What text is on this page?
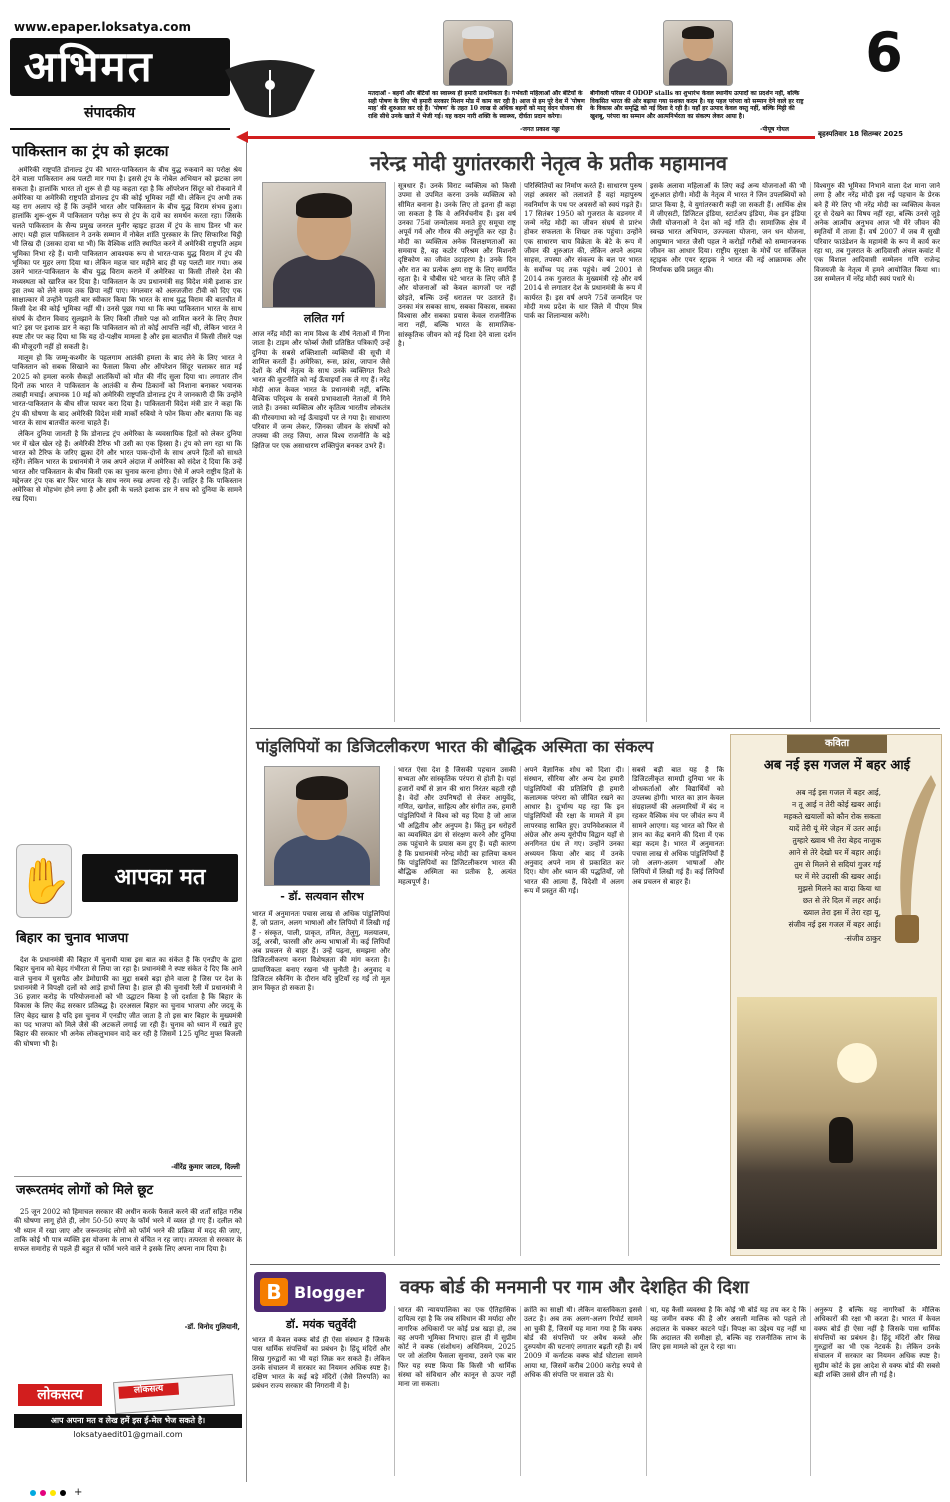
www.epaper.loksatya.com
अभिमत
संपादकीय
मतदाओं - बहनों और बेटियों का स्वास्थ्य ही हमारी प्राथमिकता है। गर्भवती महिलाओं और बेटियों के सही पोषण के लिए भी हमारी सरकार मिशन मोड में काम कर रही है। आज से हम पूरे देश में 'पोषण माह' की शुरुआत कर रहे हैं। 'पोषण' के तहत 10 लाख से अधिक बहनों को मातृ वंदन योजना की राशि सीधे उनके खाते में भेजी गई। यह कदम नारी शक्ति के स्वास्थ्य, दीर्घता प्रदान करेगा।
-जगत प्रकाश नड्डा
बीगीवली परिसर में ODOP stalls का शुभारंभ केवल स्थानीय उत्पादों का प्रदर्शन नहीं, बल्कि विकसित भारत की ओर बढ़ाया गया सशक्त कदम है। यह पहल परंपरा को सम्मान देने वाले हर राष्ट्र के विकास और समृद्धि को नई दिशा दे रही है। यहाँ हर उत्पाद केवल वस्तु नहीं, बल्कि मिट्टी की खुशबू, परंपरा का सम्मान और आत्मनिर्भरता का संकल्प लेकर आया है।
-पीयूष गोयल
6
बृहस्पतिवार 18 सितम्बर 2025
पाकिस्तान का ट्रंप को झटका

अमेरिकी राष्ट्रपति डोनाल्ड ट्रंप की भारत-पाकिस्तान के बीच युद्ध रुकवाने का परोक्ष श्रेय देने वाला पाकिस्तान अब पलटी मार गया है। इससे ट्रंप के नोबेल अभियान को झटका लग सकता है। हालांकि भारत तो शुरू से ही यह कहता रहा है कि ऑपरेशन सिंदूर को रोकवाने में अमेरिका या अमेरिकी राष्ट्रपति डोनाल्ड ट्रंप की कोई भूमिका नहीं थी। लेकिन ट्रंप अभी तक यह राग अलाप रहे हैं कि उन्होंने भारत और पाकिस्तान के बीच युद्ध विराम संभव हुआ। हालांकि शुरू-शुरू में पाकिस्तान परोक्ष रूप से ट्रंप के दावे का समर्थन करता रहा। जिसके चलते पाकिस्तान के सैन्य प्रमुख जनरल मुनीर व्हाइट हाउस में ट्रंप के साथ डिनर भी कर आए। यही हाल पाकिस्तान ने उनके सम्मान में नोबेल शांति पुरस्कार के लिए सिफारिश चिट्ठी भी लिख दी (उसका दावा था भी) कि वैश्विक शांति स्थापित करने में अमेरिकी राष्ट्रपति अहम भूमिका निभा रहे हैं। यानी पाकिस्तान आवश्यक रूप से भारत-पाक युद्ध विराम में ट्रंप की भूमिका पर मुहर लगा दिया था। लेकिन महज चार महीने बाद ही यह पलटी मार गया। अब उसने भारत-पाकिस्तान के बीच युद्ध विराम कराने में अमेरिका या किसी तीसरे देश की मध्यस्थता को खारिज कर दिया है। पाकिस्तान के उप प्रधानमंत्री सह विदेश मंत्री इशाक डार इस तथ्य को लेने समय तक छिपा नहीं पाए। मंगलवार को अलजजीरा टीवी को दिए एक साक्षात्कार में उन्होंने पहली बार स्वीकार किया कि भारत के साथ युद्ध विराम की बातचीत में किसी देश की कोई भूमिका नहीं थी। उनसे पूछा गया था कि क्या पाकिस्तान भारत के साथ संघर्ष के दौरान विवाद सुलझाने के लिए किसी तीसरे पक्ष को शामिल करने के लिए तैयार था? इस पर इशाक डार ने कहा कि पाकिस्तान को तो कोई आपत्ति नहीं थी, लेकिन भारत ने स्पष्ट तौर पर कह दिया था कि यह दो-पक्षीय मामला है और इस बातचीत में किसी तीसरे पक्ष की मौजूदगी नहीं हो सकती है।

मालूम हो कि जम्मू-कश्मीर के पहलगाम आतंकी हमला के बाद लेने के लिए भारत ने पाकिस्तान को सबक सिखाने का फैसला किया और ऑपरेशन सिंदूर चलाकर सात मई 2025 को हमला करके सैकड़ों आतंकियों को मौत की नींद सुला दिया था। लगातार तीन दिनों तक भारत ने पाकिस्तान के आतंकी व सैन्य ठिकानों को निशाना बनाकर भयानक तबाही मचाई। अचानक 10 मई को अमेरिकी राष्ट्रपति डोनाल्ड ट्रंप ने जानकारी दी कि उन्होंने भारत-पाकिस्तान के बीच सीज फायर करा दिया है। पाकिस्तानी विदेश मंत्री डार ने कहा कि ट्रंप की घोषणा के बाद अमेरिकी विदेश मंत्री मार्को रुबियो ने फोन किया और बताया कि वह भारत के साथ बातचीत करना चाहते हैं।

लेकिन दुनिया जानती है कि डोनाल्ड ट्रंप अमेरिका के व्यवसायिक हितों को लेकर दुनिया भर में खेल खेल रहे हैं। अमेरिकी टैरिफ भी उसी का एक हिस्सा है। ट्रंप को लग रहा था कि भारत को टैरिफ के जरिए झुका देंगे और भारत पाक-दोनों के साथ अपने हितों को साधते रहेंगे। लेकिन भारत के प्रधानमंत्री ने जब अपने अंदाज में अमेरिका को संदेश दे दिया कि उन्हें भारत और पाकिस्तान के बीच किसी एक का चुनाव करना होगा। ऐसे में अपने राष्ट्रीय हितों के मद्देनजर ट्रंप एक बार फिर भारत के साथ नरम रुख अपना रहे हैं। जाहिर है कि पाकिस्तान अमेरिका से मोहभंग होने लगा है और इसी के चलते इशाक डार ने सच को दुनिया के सामने रख दिया।

✋	आपका मत
बिहार का चुनाव भाजपा
देश के प्रधानमंत्री की बिहार में चुनावी यात्रा इस बात का संकेत है कि एनडीए के द्वारा बिहार चुनाव को बेहद गंभीरता से लिया जा रहा है। प्रधानमंत्री ने स्पष्ट संकेत दे दिए कि आने वाले चुनाव में घुसपैठ और डेमोग्राफी का मुद्दा सबसे बड़ा होने वाला है जिस पर देश के प्रधानमंत्री ने विपक्षी दलों को आड़े हाथों लिया है। हाल ही की चुनावी रैली में प्रधानमंत्री ने 36 हजार करोड़ के परियोजनाओं को भी उद्घाटन किया है जो दर्शाता है कि बिहार के विकास के लिए केंद्र सरकार प्रतिबद्ध है। दरअसल बिहार का चुनाव भाजपा और जदयू के लिए बेहद खास है यदि इस चुनाव में एनडीए जीत जाता है तो इस बार बिहार के मुख्यमंत्री का पद भाजपा को मिले जैसे की अटकलें लगाई जा रही हैं। चुनाव को ध्यान में रखते हुए बिहार की सरकार भी अनेक लोकलुभावन वादे कर रही है जिसमें 125 यूनिट मुफ्त बिजली की घोषणा भी है।
-वीरेंद्र कुमार जाटव, दिल्ली
जरूरतमंद लोगों को मिले छूट
25 जून 2002 को हिमाचल सरकार की अधीन करके फैसले करने की शर्तों सहित गरीब की घोषणा लागू होते ही, लोग 50-50 रुपए के फॉर्म भरने में व्यस्त हो गए हैं। दलील को भी ध्यान में रखा जाए और जरूरतमंद लोगों को फॉर्म भरने की प्रक्रिया में मदद की जाए, ताकि कोई भी पात्र व्यक्ति इस योजना के लाभ से वंचित न रह जाए। तत्परता से सरकार के सफल समारोह से पहले ही बहुत से फॉर्म भरने वाले ने इसके लिए अपना नाम दिया है।
-डॉ. विनोद गुलियानी,
लोकसत्य	लोकसत्य
आप अपना मत व लेख हमें इस ई-मेल भेज सकते है।
loksatyaedit01@gmail.com
नरेन्द्र मोदी युगांतरकारी नेतृत्व के प्रतीक महामानव
ललित गर्ग
आज नरेंद्र मोदी का नाम विश्व के शीर्ष नेताओं में गिना जाता है। टाइम और फोर्ब्स जैसी प्रतिष्ठित पत्रिकाएँ उन्हें दुनिया के सबसे शक्तिशाली व्यक्तियों की सूची में शामिल करती हैं। अमेरिका, रूस, फ्रांस, जापान जैसे देशों के शीर्ष नेतृत्व के साथ उनके व्यक्तिगत रिश्ते भारत की कूटनीति को नई ऊँचाइयाँ तक ले गए हैं। नरेंद्र मोदी आज केवल भारत के प्रधानमंत्री नहीं, बल्कि वैश्विक परिदृश्य के सबसे प्रभावशाली नेताओं में गिने जाते हैं। उनका व्यक्तित्व और कृतित्व भारतीय लोकतंत्र की गौरवगाथा को नई ऊँचाइयों पर ले गया है। साधारण परिवार में जन्म लेकर, जिनका जीवन के संघर्षों को तपस्या की तरह जिया, आज विश्व राजनीति के बड़े क्षितिज पर एक असाधारण शक्तिपुंज बनकर उभरे हैं।
सूत्रधार हैं। उनके विराट व्यक्तित्व को किसी उपमा से उपमित करना उनके व्यक्तित्व को सीमित बनाना है। उनके लिए तो इतना ही कहा जा सकता है कि वे अनिर्वचनीय हैं। इस वर्ष उनका 75वां जन्मोत्सव मनाते हुए समूचा राष्ट्र अपूर्व गर्व और गौरव की अनुभूति कर रहा है। मोदी का व्यक्तित्व अनेक विलक्षणताओं का समवाय है, वह कठोर परिश्रम और मिशनरी दृष्टिकोण का जीवंत उदाहरण है। उनके दिन और रात का प्रत्येक क्षण राष्ट्र के लिए समर्पित रहता है। वे चौबीस घंटे भारत के लिए जीते हैं और योजनाओं को केवल कागजों पर नहीं छोड़ते, बल्कि उन्हें धरातल पर उतारते हैं। उनका मंत्र सबका साथ, सबका विकास, सबका विश्वास और सबका प्रयास केवल राजनीतिक नारा नहीं, बल्कि भारत के सामाजिक-सांस्कृतिक जीवन को नई दिशा देने वाला दर्शन है।
परिस्थितियों का निर्माण करते हैं। साधारण पुरुष जहां अवसर को तलाशते हैं वहां महापुरुष नवनिर्माण के पथ पर अवसरों को स्वयं गढ़ते हैं। 17 सितंबर 1950 को गुजरात के वडनगर में जन्मे नरेंद्र मोदी का जीवन संघर्ष से प्रारंभ होकर सफलता के शिखर तक पहुंचा। उन्होंने एक साधारण चाय विक्रेता के बेटे के रूप में जीवन की शुरुआत की, लेकिन अपने अदम्य साहस, तपस्या और संकल्प के बल पर भारत के सर्वोच्च पद तक पहुंचे। वर्ष 2001 से 2014 तक गुजरात के मुख्यमंत्री रहे और वर्ष 2014 से लगातार देश के प्रधानमंत्री के रूप में कार्यरत हैं। इस वर्ष अपने 75वें जन्मदिन पर मोदी मध्य प्रदेश के धार जिले में पीएम मित्र पार्क का शिलान्यास करेंगे।
इसके अलावा महिलाओं के लिए कई अन्य योजनाओं की भी शुरुआत होगी। मोदी के नेतृत्व में भारत ने जिन उपलब्धियों को प्राप्त किया है, वे युगांतरकारी कही जा सकती हैं। आर्थिक क्षेत्र में जीएसटी, डिजिटल इंडिया, स्टार्टअप इंडिया, मेक इन इंडिया जैसी योजनाओं ने देश को नई गति दी। सामाजिक क्षेत्र में स्वच्छ भारत अभियान, उज्ज्वला योजना, जन धन योजना, आयुष्मान भारत जैसी पहल ने करोड़ों गरीबों को सम्मानजनक जीवन का आधार दिया। राष्ट्रीय सुरक्षा के मोर्चे पर सर्जिकल स्ट्राइक और एयर स्ट्राइक ने भारत की नई आक्रामक और निर्णायक छवि प्रस्तुत की।
विश्वगुरु की भूमिका निभाने वाला देश माना जाने लगा है और नरेंद्र मोदी इस नई पहचान के प्रेरक बने हैं मेरे लिए भी नरेंद्र मोदी का व्यक्तित्व केवल दूर से देखने का विषय नहीं रहा, बल्कि उनसे जुड़े अनेक आत्मीय अनुभव आज भी मेरे जीवन की स्मृतियों में ताजा हैं। वर्ष 2007 में जब मैं सुखी परिवार फाउंडेशन के महामंत्री के रूप में कार्य कर रहा था, तब गुजरात के आदिवासी अंचल कवांट में एक विशाल आदिवासी सम्मेलन गणि राजेन्द्र विजयजी के नेतृत्व में हमने आयोजित किया था। उस सम्मेलन में नरेंद्र मोदी स्वयं पधारे थे।
पांडुलिपियों का डिजिटलीकरण भारत की बौद्धिक अस्मिता का संकल्प
- डॉ. सत्यवान सौरभ
भारत में अनुमानतः पचास लाख से अधिक पांडुलिपियां हैं, जो प्रतान, अलग भाषाओं और लिपियों में लिखी गई हैं - संस्कृत, पाली, प्राकृत, तमिल, तेलुगु, मलयालम, उर्दू, अरबी, फारसी और अन्य भाषाओं में। कई लिपियाँ अब प्रचलन से बाहर हैं। उन्हें पढ़ना, समझना और डिजिटलीकरण करना विशेषज्ञता की मांग करता है। प्रामाणिकता बनाए रखना भी चुनौती है। अनुवाद व डिजिटल स्कैनिंग के दौरान यदि त्रुटियाँ रह गईं तो मूल ज्ञान विकृत हो सकता है।
भारत ऐसा देश है जिसकी पहचान उसकी सभ्यता और सांस्कृतिक परंपरा से होती है। यहां हजारों वर्षों से ज्ञान की धारा निरंतर बहती रही है। वेदों और उपनिषदों से लेकर आयुर्वेद, गणित, खगोल, साहित्य और संगीत तक, हमारी पांडुलिपियों ने विश्व को यह दिया है जो आज भी अद्वितीय और अनुपम है। किंतु इन धरोहरों का व्यवस्थित ढंग से संरक्षण करने और दुनिया तक पहुंचाने के प्रयास कम हुए हैं। यही कारण है कि प्रधानमंत्री नरेन्द्र मोदी का हालिया कथन कि पांडुलिपियों का डिजिटलीकरण भारत की बौद्धिक अस्मिता का प्रतीक है, अत्यंत महत्वपूर्ण है।
अपने वैज्ञानिक शोध को दिशा दी। संस्थान, सीरिया और अन्य देश हमारी पांडुलिपियों की प्रतिलिपि ही हमारी कलात्मक परंपरा को जीवित रखने का आधार है। दुर्भाग्य यह रहा कि इन पांडुलिपियों की रक्षा के मामले में हम लापरवाह साबित हुए। उपनिवेशकाल में अंग्रेज और अन्य यूरोपीय विद्वान यहाँ से अनगिनत ग्रंथ ले गए। उन्होंने उनका अध्ययन किया और बाद में उनके अनुवाद अपने नाम से प्रकाशित कर दिए। योग और ध्यान की पद्धतियाँ, जो भारत की आत्मा हैं, विदेशी में अलग रूप में प्रस्तुत की गईं।
सबसे बड़ी बात यह है कि डिजिटलीकृत सामग्री दुनिया भर के शोधकर्ताओं और विद्यार्थियों को उपलब्ध होगी। भारत का ज्ञान केवल संग्रहालयों की अलमारियों में बंद न रहकर वैश्विक मंच पर जीवंत रूप में सामने आएगा। यह भारत को फिर से ज्ञान का केंद्र बनाने की दिशा में एक बड़ा कदम है। भारत में अनुमानतः पचास लाख से अधिक पांडुलिपियाँ हैं जो अलग-अलग भाषाओं और लिपियों में लिखी गई हैं। कई लिपियाँ अब प्रचलन से बाहर हैं।
कविता
अब नई इस गजल में बहर आई
अब नई इस गजल में बहर आई,
न तू आई न तेरी कोई खबर आई।
महकते खयालों को कौन रोक सकता
यादें तेरी यूं मेरे जेहन में उतर आई।
तुम्हारे ख्वाब भी तेरा बेहद नाजुक
आने से तेरे देखो घर में बहार आई।
तुम से मिलने से सदियां गुजर गई
घर में मेरे उदासी की खबर आई।
मुझसे मिलने का वादा किया था
छत से तेरे दिल में लहर आई।
ख्याल तेरा इस में तेरा रहा यू,
संजीव नई इस गजल में बहर आई।
-संजीव ठाकुर
B Blogger वक्फ बोर्ड की मनमानी पर गाम और देशहित की दिशा
डॉ. मयंक चतुर्वेदी
भारत में केवल वक्फ बोर्ड ही ऐसा संस्थान है जिसके पास धार्मिक संपत्तियों का प्रबंधन है। हिंदू मंदिरों और सिख गुरुद्वारों का भी यहां जिक्र कर सकते हैं। लेकिन उनके संचालन में सरकार का नियमन अधिक स्पष्ट है। दक्षिण भारत के कई बड़े मंदिरों (जैसे तिरुपति) का प्रबंधन राज्य सरकार की निगरानी में है।
भारत की न्यायपालिका का एक ऐतिहासिक दायित्व रहा है कि जब संविधान की मर्यादा और नागरिक अधिकारों पर कोई प्रश्न खड़ा हो, तब वह अपनी भूमिका निभाए। हाल ही में सुप्रीम कोर्ट ने वक्फ (संशोधन) अधिनियम, 2025 पर जो अंतरिम फैसला सुनाया, उसने एक बार फिर यह स्पष्ट किया कि किसी भी धार्मिक संस्था को संविधान और कानून से ऊपर नहीं माना जा सकता।
क्रांति का साक्षी थी। लेकिन वास्तविकता इससे उलट है। अब तक अलग-अलग रिपोर्ट सामने आ चुकी हैं, जिसमें यह माना गया है कि वक्फ बोर्ड की संपत्तियों पर अवैध कब्जे और दुरुपयोग की घटनाएं लगातार बढ़ती रही हैं। वर्ष 2009 में कर्नाटक वक्फ बोर्ड घोटाला सामने आया था, जिसमें करीब 2000 करोड़ रुपये से अधिक की संपत्ति पर सवाल उठे थे।
था, यह कैसी व्यवस्था है कि कोई भी बोर्ड यह तय कर दे कि यह जमीन वक्फ की है और असली मालिक को पहले तो अदालत के चक्कर काटने पड़ें। विपक्ष का उद्देश्य यह नहीं था कि अदालत की समीक्षा हो, बल्कि वह राजनीतिक लाभ के लिए इस मामले को तूल दे रहा था।
अनुरूप है बल्कि यह नागरिकों के मौलिक अधिकारों की रक्षा भी करता है। भारत में केवल वक्फ बोर्ड ही ऐसा नहीं है जिसके पास धार्मिक संपत्तियों का प्रबंधन है। हिंदू मंदिरों और सिख गुरुद्वारों का भी एक नेटवर्क है। लेकिन उनके संचालन में सरकार का नियमन अधिक स्पष्ट है। सुप्रीम कोर्ट के इस आदेश से वक्फ बोर्ड की सबसे बड़ी शक्ति उससे छीन ली गई है।
+
